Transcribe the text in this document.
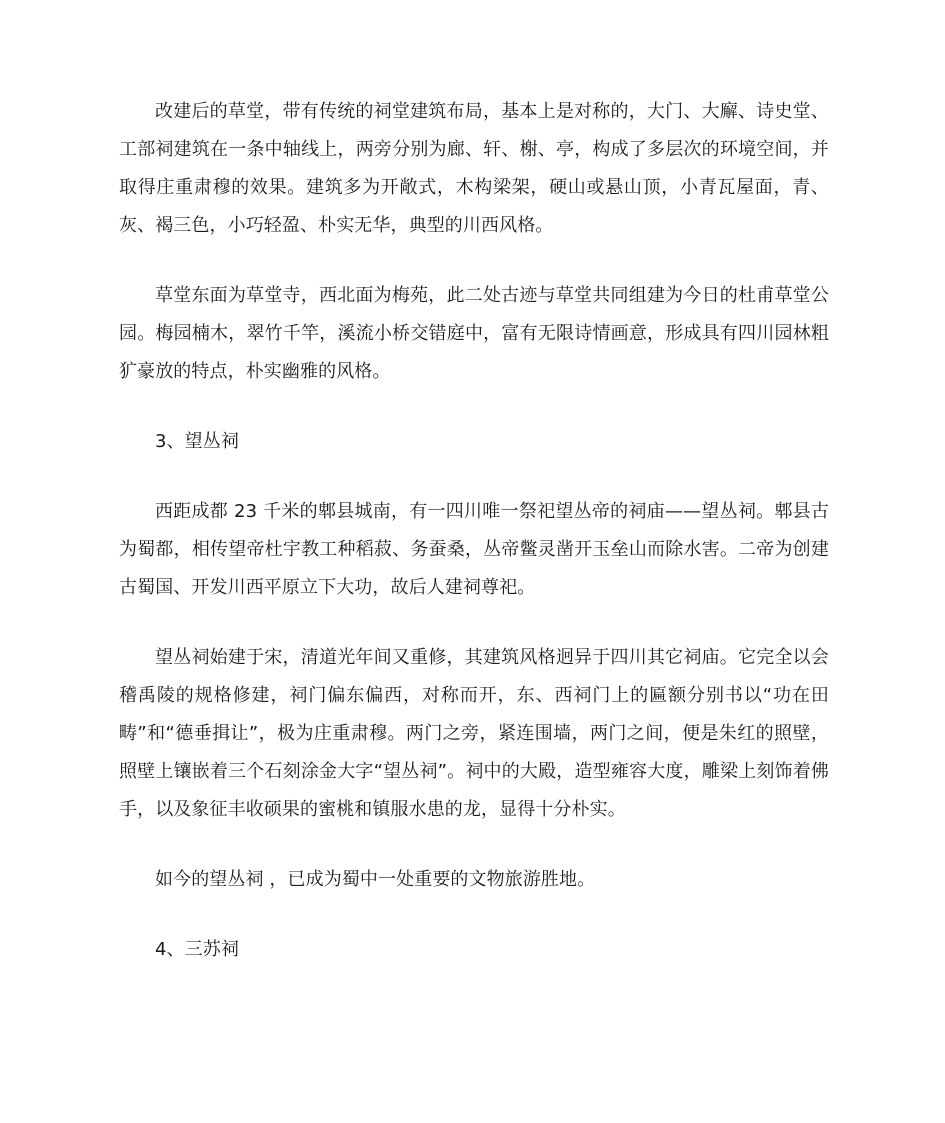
改建后的草堂，带有传统的祠堂建筑布局，基本上是对称的，大门、大廨、诗史堂、工部祠建筑在一条中轴线上，两旁分别为廊、轩、榭、亭，构成了多层次的环境空间，并取得庄重肃穆的效果。建筑多为开敞式，木构梁架，硬山或悬山顶，小青瓦屋面，青、灰、褐三色，小巧轻盈、朴实无华，典型的川西风格。

草堂东面为草堂寺，西北面为梅苑，此二处古迹与草堂共同组建为今日的杜甫草堂公园。梅园楠木，翠竹千竿，溪流小桥交错庭中，富有无限诗情画意，形成具有四川园林粗犷豪放的特点，朴实幽雅的风格。

3、望丛祠

西距成都 23 千米的郫县城南，有一四川唯一祭祀望丛帝的祠庙——望丛祠。郫县古为蜀都，相传望帝杜宇教工种稻菽、务蚕桑，丛帝鳖灵凿开玉垒山而除水害。二帝为创建古蜀国、开发川西平原立下大功，故后人建祠尊祀。

望丛祠始建于宋，清道光年间又重修，其建筑风格迥异于四川其它祠庙。它完全以会稽禹陵的规格修建，祠门偏东偏西，对称而开，东、西祠门上的匾额分别书以“功在田畴”和“德垂揖让”，极为庄重肃穆。两门之旁，紧连围墙，两门之间，便是朱红的照壁，照壁上镶嵌着三个石刻涂金大字“望丛祠”。祠中的大殿，造型雍容大度，雕梁上刻饰着佛手，以及象征丰收硕果的蜜桃和镇服水患的龙，显得十分朴实。

如今的望丛祠 ，已成为蜀中一处重要的文物旅游胜地。

4、三苏祠
